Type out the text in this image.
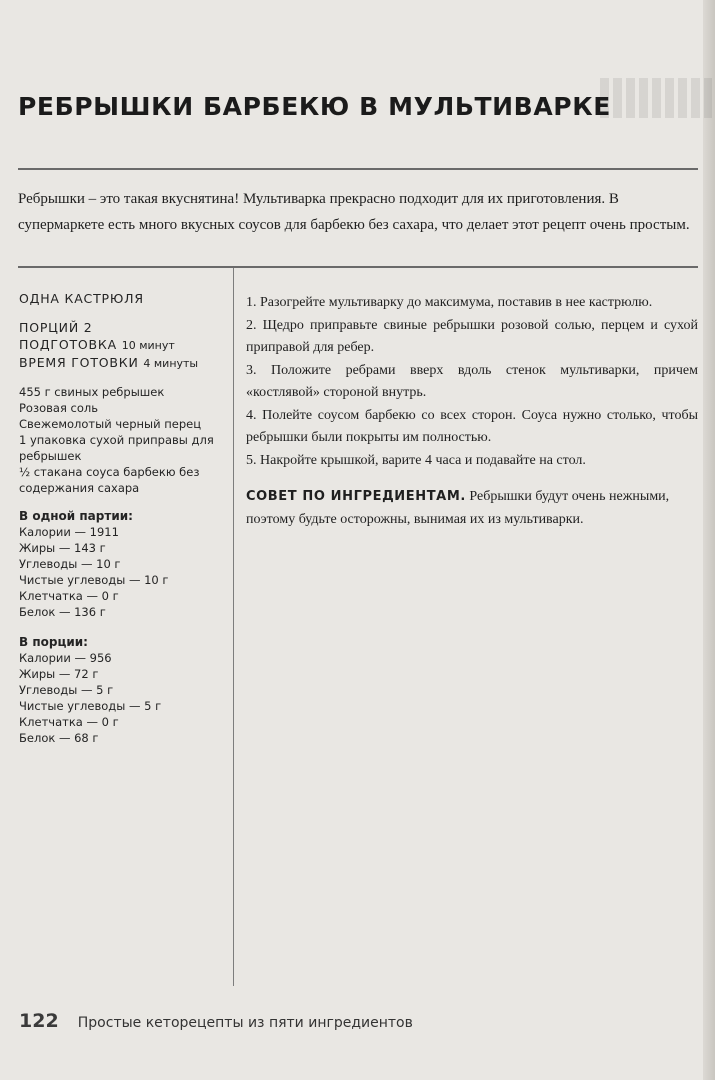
РЕБРЫШКИ БАРБЕКЮ В МУЛЬТИВАРКЕ

Ребрышки – это такая вкуснятина! Мультиварка прекрасно подходит для их приготовления. В супермаркете есть много вкусных соусов для барбекю без сахара, что делает этот рецепт очень простым.

ОДНА КАСТРЮЛЯ
ПОРЦИЙ 2
ПОДГОТОВКА 10 минут
ВРЕМЯ ГОТОВКИ 4 минуты
455 г свиных ребрышек
Розовая соль
Свежемолотый черный перец
1 упаковка сухой приправы для ребрышек
½ стакана соуса барбекю без содержания сахара
В одной партии:
Калории — 1911
Жиры — 143 г
Углеводы — 10 г
Чистые углеводы — 10 г
Клетчатка — 0 г
Белок — 136 г
В порции:
Калории — 956
Жиры — 72 г
Углеводы — 5 г
Чистые углеводы — 5 г
Клетчатка — 0 г
Белок — 68 г
1. Разогрейте мультиварку до максимума, поставив в нее кастрюлю.
2. Щедро приправьте свиные ребрышки розовой солью, перцем и сухой приправой для ребер.
3. Положите ребрами вверх вдоль стенок мультиварки, причем «костлявой» стороной внутрь.
4. Полейте соусом барбекю со всех сторон. Соуса нужно столько, чтобы ребрышки были покрыты им полностью.
5. Накройте крышкой, варите 4 часа и подавайте на стол.

СОВЕТ ПО ИНГРЕДИЕНТАМ. Ребрышки будут очень нежными, поэтому будьте осторожны, вынимая их из мультиварки.

122 Простые кеторецепты из пяти ингредиентов
